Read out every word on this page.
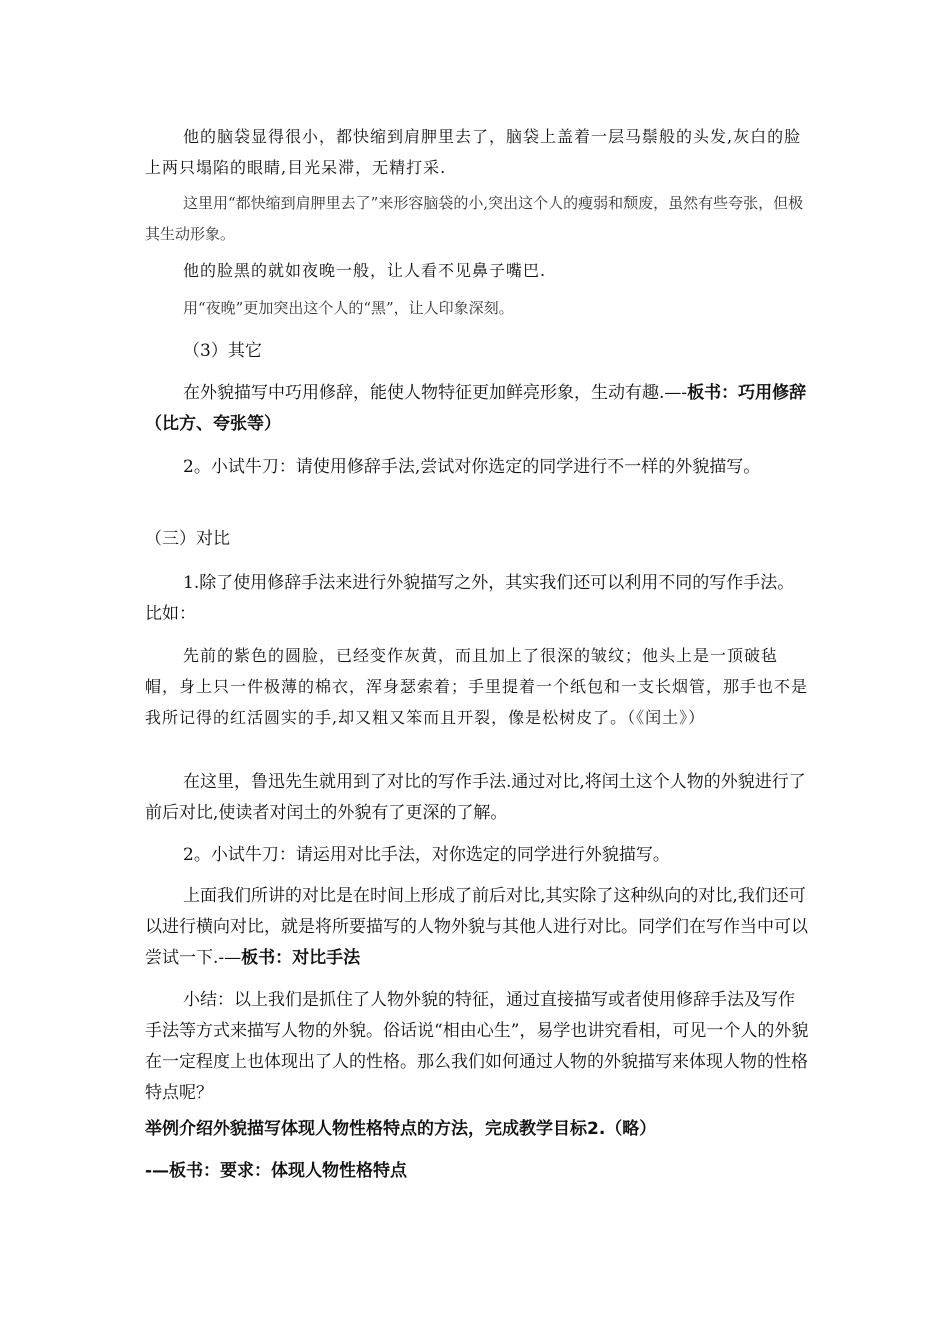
他的脑袋显得很小，都快缩到肩胛里去了，脑袋上盖着一层马鬃般的头发,灰白的脸上两只塌陷的眼睛,目光呆滞，无精打采.

这里用“都快缩到肩胛里去了”来形容脑袋的小,突出这个人的瘦弱和颓废，虽然有些夸张，但极其生动形象。

他的脸黑的就如夜晚一般，让人看不见鼻子嘴巴.

用“夜晚”更加突出这个人的“黑”，让人印象深刻。

（3）其它

在外貌描写中巧用修辞，能使人物特征更加鲜亮形象，生动有趣.—-板书：巧用修辞（比方、夸张等）

2。小试牛刀：请使用修辞手法,尝试对你选定的同学进行不一样的外貌描写。

（三）对比

1.除了使用修辞手法来进行外貌描写之外，其实我们还可以利用不同的写作手法。比如：

先前的紫色的圆脸，已经变作灰黄，而且加上了很深的皱纹；他头上是一顶破毡帽，身上只一件极薄的棉衣，浑身瑟索着；手里提着一个纸包和一支长烟管，那手也不是我所记得的红活圆实的手,却又粗又笨而且开裂，像是松树皮了。（《闰土》）

在这里，鲁迅先生就用到了对比的写作手法.通过对比,将闰土这个人物的外貌进行了前后对比,使读者对闰土的外貌有了更深的了解。

2。小试牛刀：请运用对比手法，对你选定的同学进行外貌描写。

上面我们所讲的对比是在时间上形成了前后对比,其实除了这种纵向的对比,我们还可以进行横向对比，就是将所要描写的人物外貌与其他人进行对比。同学们在写作当中可以尝试一下.-—板书：对比手法

小结：以上我们是抓住了人物外貌的特征，通过直接描写或者使用修辞手法及写作手法等方式来描写人物的外貌。俗话说“相由心生”，易学也讲究看相，可见一个人的外貌在一定程度上也体现出了人的性格。那么我们如何通过人物的外貌描写来体现人物的性格特点呢？

举例介绍外貌描写体现人物性格特点的方法，完成教学目标2.（略）

-—板书：要求：体现人物性格特点
